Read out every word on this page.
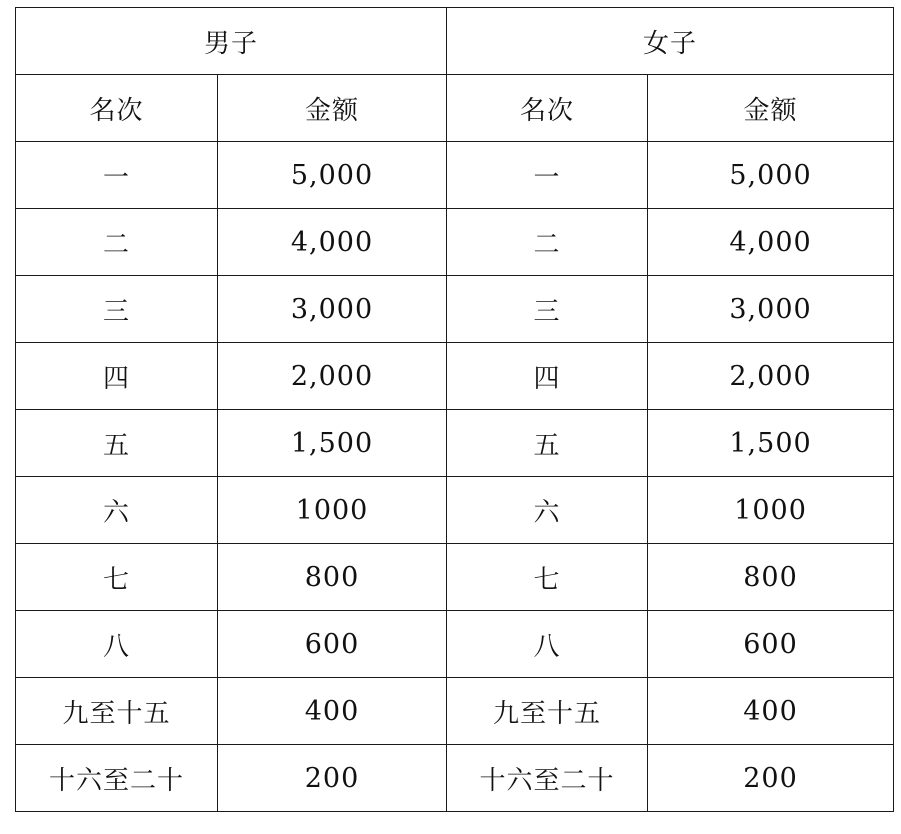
男子		女子	
名次	金额	名次	金额
一	5,000	一	5,000
二	4,000	二	4,000
三	3,000	三	3,000
四	2,000	四	2,000
五	1,500	五	1,500
六	1000	六	1000
七	800	七	800
八	600	八	600
九至十五	400	九至十五	400
十六至二十	200	十六至二十	200
